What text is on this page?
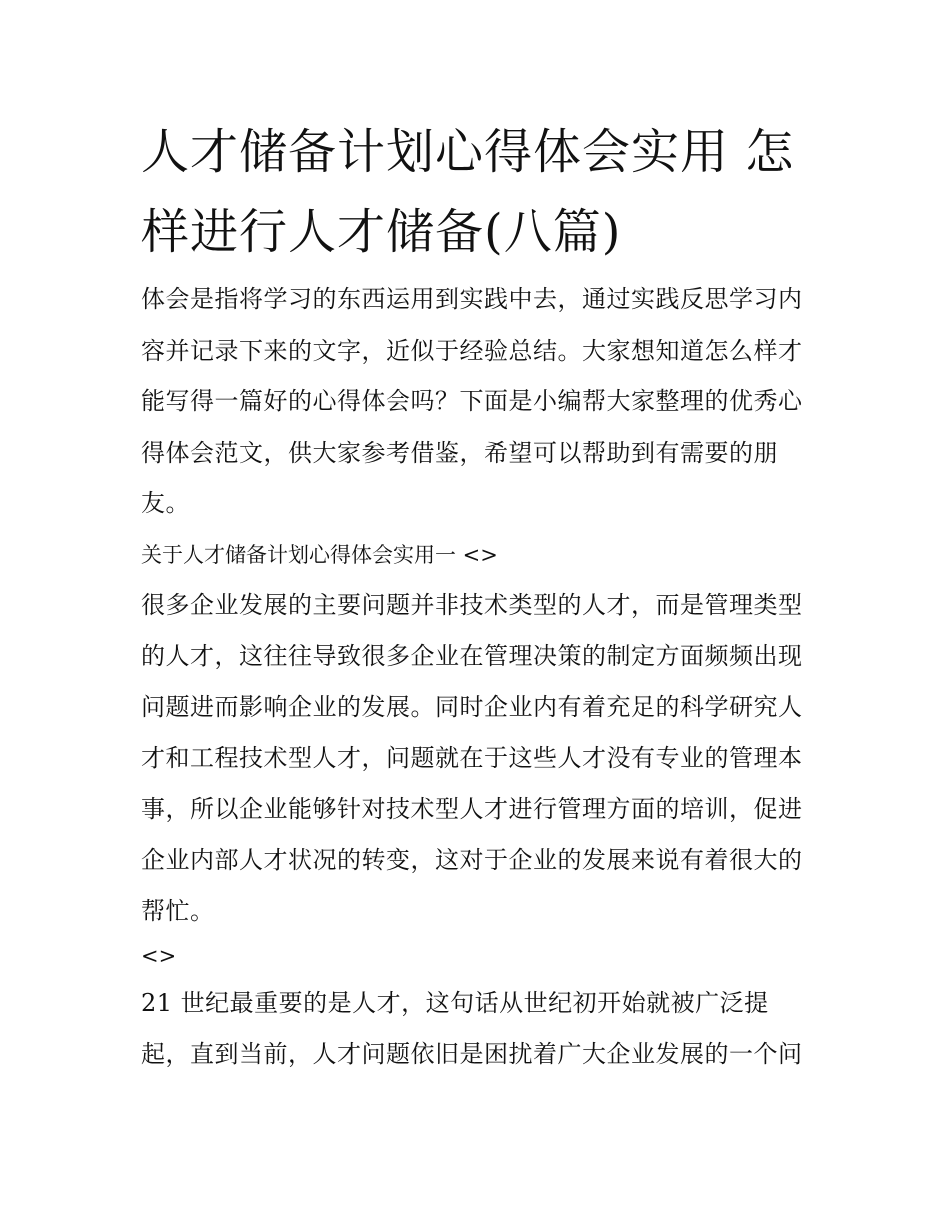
人才储备计划心得体会实用 怎样进行人才储备(八篇)

体会是指将学习的东西运用到实践中去，通过实践反思学习内

容并记录下来的文字，近似于经验总结。大家想知道怎么样才

能写得一篇好的心得体会吗？下面是小编帮大家整理的优秀心

得体会范文，供大家参考借鉴，希望可以帮助到有需要的朋

友。

关于人才储备计划心得体会实用一 <>

很多企业发展的主要问题并非技术类型的人才，而是管理类型

的人才，这往往导致很多企业在管理决策的制定方面频频出现

问题进而影响企业的发展。同时企业内有着充足的科学研究人

才和工程技术型人才，问题就在于这些人才没有专业的管理本

事，所以企业能够针对技术型人才进行管理方面的培训，促进

企业内部人才状况的转变，这对于企业的发展来说有着很大的

帮忙。

<>

21 世纪最重要的是人才，这句话从世纪初开始就被广泛提

起，直到当前，人才问题依旧是困扰着广大企业发展的一个问
